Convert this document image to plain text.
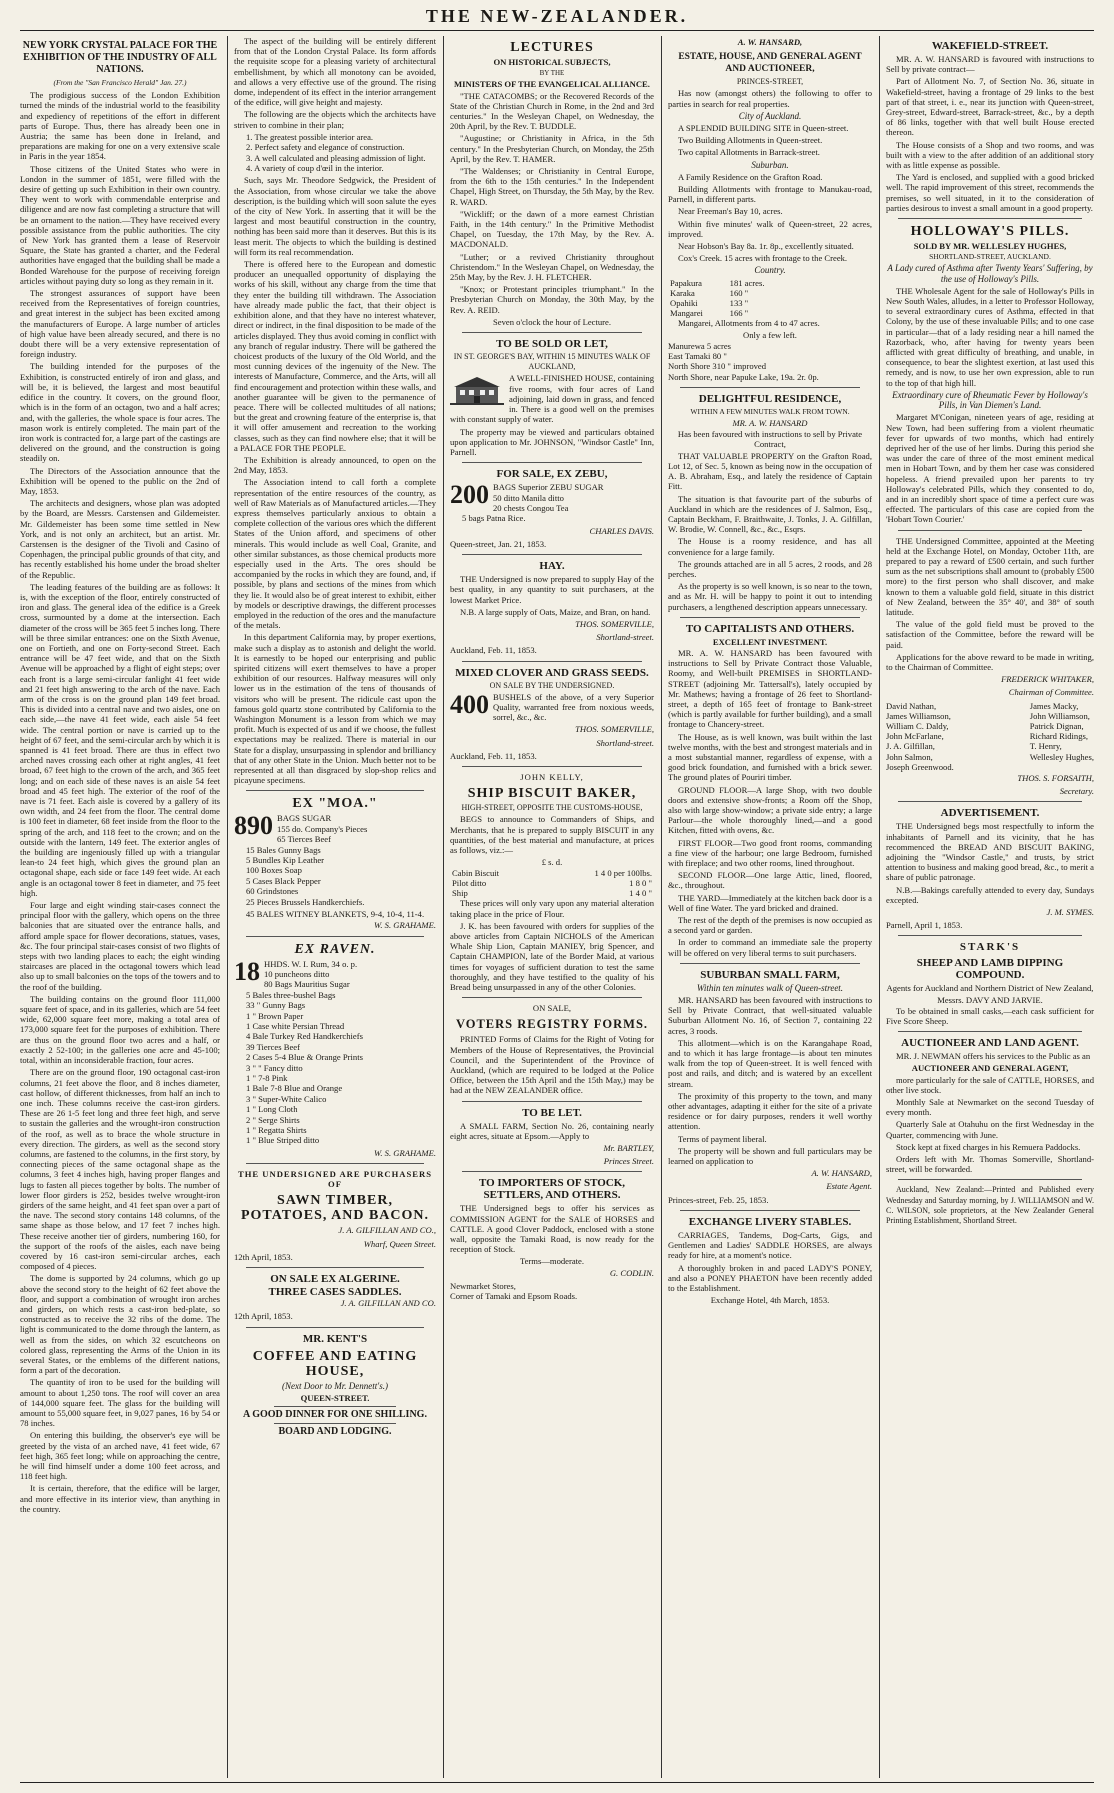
THE NEW-ZEALANDER.
NEW YORK CRYSTAL PALACE FOR THE EXHIBITION OF THE INDUSTRY OF ALL NATIONS.
(From the "San Francisco Herald" Jan. 27.)

The prodigious success of the London Exhibition turned the minds of the industrial world to the feasibility and expediency of repetitions of the effort in different parts of Europe. Thus, there has already been one in Austria; the same has been done in Ireland, and preparations are making for one on a very extensive scale in Paris in the year 1854.

Those citizens of the United States who were in London in the summer of 1851, were filled with the desire of getting up such Exhibition in their own country. They went to work with commendable enterprise and diligence and are now fast completing a structure that will be an ornament to the nation.—They have received every possible assistance from the public authorities. The city of New York has granted them a lease of Reservoir Square, the State has granted a charter, and the Federal authorities have engaged that the building shall be made a Bonded Warehouse for the purpose of receiving foreign articles without paying duty so long as they remain in it.

The strongest assurances of support have been received from the Representatives of foreign countries, and great interest in the subject has been excited among the manufacturers of Europe. A large number of articles of high value have been already secured, and there is no doubt there will be a very extensive representation of foreign industry.

The building intended for the purposes of the Exhibition, is constructed entirely of iron and glass, and will be, it is believed, the largest and most beautiful edifice in the country. It covers, on the ground floor, which is in the form of an octagon, two and a half acres; and, with the galleries, the whole space is four acres. The mason work is entirely completed. The main part of the iron work is contracted for, a large part of the castings are delivered on the ground, and the construction is going steadily on.

The Directors of the Association announce that the Exhibition will be opened to the public on the 2nd of May, 1853.

The architects and designers, whose plan was adopted by the Board, are Messrs. Carstensen and Gildemeister. Mr. Gildemeister has been some time settled in New York, and is not only an architect, but an artist. Mr. Carstensen is the designer of the Tivoli and Casino of Copenhagen, the principal public grounds of that city, and has recently established his home under the broad shelter of the Republic.

The leading features of the building are as follows: It is, with the exception of the floor, entirely constructed of iron and glass. The general idea of the edifice is a Greek cross, surmounted by a dome at the intersection. Each diameter of the cross will be 365 feet 5 inches long. There will be three similar entrances: one on the Sixth Avenue, one on Fortieth, and one on Forty-second Street. Each entrance will be 47 feet wide, and that on the Sixth Avenue will be approached by a flight of eight steps; over each front is a large semi-circular fanlight 41 feet wide and 21 feet high answering to the arch of the nave. Each arm of the cross is on the ground plan 149 feet broad. This is divided into a central nave and two aisles, one on each side,—the nave 41 feet wide, each aisle 54 feet wide. The central portion or nave is carried up to the height of 67 feet, and the semi-circular arch by which it is spanned is 41 feet broad. There are thus in effect two arched naves crossing each other at right angles, 41 feet broad, 67 feet high to the crown of the arch, and 365 feet long; and on each side of these naves is an aisle 54 feet broad and 45 feet high. The exterior of the roof of the nave is 71 feet. Each aisle is covered by a gallery of its own width, and 24 feet from the floor. The central dome is 100 feet in diameter, 68 feet inside from the floor to the spring of the arch, and 118 feet to the crown; and on the outside with the lantern, 149 feet. The exterior angles of the building are ingeniously filled up with a triangular lean-to 24 feet high, which gives the ground plan an octagonal shape, each side or face 149 feet wide. At each angle is an octagonal tower 8 feet in diameter, and 75 feet high.

Four large and eight winding stair-cases connect the principal floor with the gallery, which opens on the three balconies that are situated over the entrance halls, and afford ample space for flower decorations, statues, vases, &c. The four principal stair-cases consist of two flights of steps with two landing places to each; the eight winding staircases are placed in the octagonal towers which lead also up to small balconies on the tops of the towers and to the roof of the building.

The building contains on the ground floor 111,000 square feet of space, and in its galleries, which are 54 feet wide, 62,000 square feet more, making a total area of 173,000 square feet for the purposes of exhibition. There are thus on the ground floor two acres and a half, or exactly 2 52-100; in the galleries one acre and 45-100; total, within an inconsiderable fraction, four acres.

There are on the ground floor, 190 octagonal cast-iron columns, 21 feet above the floor, and 8 inches diameter, cast hollow, of different thicknesses, from half an inch to one inch. These columns receive the cast-iron girders. These are 26 1-5 feet long and three feet high, and serve to sustain the galleries and the wrought-iron construction of the roof, as well as to brace the whole structure in every direction. The girders, as well as the second story columns, are fastened to the columns, in the first story, by connecting pieces of the same octagonal shape as the columns, 3 feet 4 inches high, having proper flanges and lugs to fasten all pieces together by bolts. The number of lower floor girders is 252, besides twelve wrought-iron girders of the same height, and 41 feet span over a part of the nave. The second story contains 148 columns, of the same shape as those below, and 17 feet 7 inches high. These receive another tier of girders, numbering 160, for the support of the roofs of the aisles, each nave being covered by 16 cast-iron semi-circular arches, each composed of 4 pieces.

The dome is supported by 24 columns, which go up above the second story to the height of 62 feet above the floor, and support a combination of wrought iron arches and girders, on which rests a cast-iron bed-plate, so constructed as to receive the 32 ribs of the dome. The light is communicated to the dome through the lantern, as well as from the sides, on which 32 escutcheons on colored glass, representing the Arms of the Union in its several States, or the emblems of the different nations, form a part of the decoration.

The quantity of iron to be used for the building will amount to about 1,250 tons. The roof will cover an area of 144,000 square feet. The glass for the building will amount to 55,000 square feet, in 9,027 panes, 16 by 54 or 78 inches.

On entering this building, the observer's eye will be greeted by the vista of an arched nave, 41 feet wide, 67 feet high, 365 feet long; while on approaching the centre, he will find himself under a dome 100 feet across, and 118 feet high.

It is certain, therefore, that the edifice will be larger, and more effective in its interior view, than anything in the country.

The aspect of the building will be entirely different from that of the London Crystal Palace. Its form affords the requisite scope for a pleasing variety of architectural embellishment, by which all monotony can be avoided, and allows a very effective use of the ground. The rising dome, independent of its effect in the interior arrangement of the edifice, will give height and majesty.

The following are the objects which the architects have striven to combine in their plan;

1. The greatest possible interior area.
2. Perfect safety and elegance of construction.
3. A well calculated and pleasing admission of light.
4. A variety of coup d'œil in the interior.

Such, says Mr. Theodore Sedgwick, the President of the Association, from whose circular we take the above description, is the building which will soon salute the eyes of the city of New York. In asserting that it will be the largest and most beautiful construction in the country, nothing has been said more than it deserves. But this is its least merit. The objects to which the building is destined will form its real recommendation.

There is offered here to the European and domestic producer an unequalled opportunity of displaying the works of his skill, without any charge from the time that they enter the building till withdrawn. The Association have already made public the fact, that their object is exhibition alone, and that they have no interest whatever, direct or indirect, in the final disposition to be made of the articles displayed. They thus avoid coming in conflict with any branch of regular industry. There will be gathered the choicest products of the luxury of the Old World, and the most cunning devices of the ingenuity of the New. The interests of Manufacture, Commerce, and the Arts, will all find encouragement and protection within these walls, and another guarantee will be given to the permanence of peace. There will be collected multitudes of all nations; but the great and crowning feature of the enterprise is, that it will offer amusement and recreation to the working classes, such as they can find nowhere else; that it will be a PALACE FOR THE PEOPLE.

The Exhibition is already announced, to open on the 2nd May, 1853.

The Association intend to call forth a complete representation of the entire resources of the country, as well of Raw Materials as of Manufactured articles.—They express themselves particularly anxious to obtain a complete collection of the various ores which the different States of the Union afford, and specimens of other minerals. This would include as well Coal, Granite, and other similar substances, as those chemical products more especially used in the Arts. The ores should be accompanied by the rocks in which they are found, and, if possible, by plans and sections of the mines from which they lie. It would also be of great interest to exhibit, either by models or descriptive drawings, the different processes employed in the reduction of the ores and the manufacture of the metals.

In this department California may, by proper exertions, make such a display as to astonish and delight the world. It is earnestly to be hoped our enterprising and public spirited citizens will exert themselves to have a proper exhibition of our resources. Halfway measures will only lower us in the estimation of the tens of thousands of visitors who will be present. The ridicule cast upon the famous gold quartz stone contributed by California to the Washington Monument is a lesson from which we may profit. Much is expected of us and if we choose, the fullest expectations may be realized. There is material in our State for a display, unsurpassing in splendor and brilliancy that of any other State in the Union. Much better not to be represented at all than disgraced by slop-shop relics and picayune specimens.

EX "MOA."
890 BAGS SUGAR
155 do. Company's Pieces
65 Tierces Beef
15 Bales Gunny Bags
5 Bundles Kip Leather
100 Boxes Soap
5 Cases Black Pepper
60 Grindstones
25 Pieces Brussels Handkerchiefs.
45 BALES WITNEY BLANKETS, 9-4, 10-4, 11-4.
W. S. GRAHAME.
EX RAVEN.
18 HHDS. W. I. Rum, 34 o. p.
10 puncheons ditto
80 Bags Mauritius Sugar
5 Bales three-bushel Bags
33 " Gunny Bags
1 " Brown Paper
1 Case white Persian Thread
4 Bale Turkey Red Handkerchiefs
39 Tierces Beef
2 Cases 5-4 Blue & Orange Prints
3 " " Fancy ditto
1 " 7-8 Pink
1 Bale 7-8 Blue and Orange
3 " Super-White Calico
1 " Long Cloth
2 " Serge Shirts
1 " Regatta Shirts
1 " Blue Striped ditto
W. S. GRAHAME.
THE UNDERSIGNED ARE PURCHASERS OF
SAWN TIMBER, POTATOES, AND BACON.
J. A. GILFILLAN AND CO.,
Wharf, Queen Street.
12th April, 1853.
ON SALE EX ALGERINE.
THREE CASES SADDLES.
J. A. GILFILLAN AND CO.
12th April, 1853.
MR. KENT'S
COFFEE AND EATING HOUSE,
(Next Door to Mr. Dennett's.)
QUEEN-STREET.
A GOOD DINNER FOR ONE SHILLING.
BOARD AND LODGING.
LECTURES
ON HISTORICAL SUBJECTS,
BY THE
MINISTERS OF THE EVANGELICAL ALLIANCE.

"THE CATACOMBS; or the Recovered Records of the State of the Christian Church in Rome, in the 2nd and 3rd centuries." In the Wesleyan Chapel, on Wednesday, the 20th April, by the Rev. T. BUDDLE.

"Augustine; or Christianity in Africa, in the 5th century." In the Presbyterian Church, on Monday, the 25th April, by the Rev. T. HAMER.

"The Waldenses; or Christianity in Central Europe, from the 6th to the 15th centuries." In the Independent Chapel, High Street, on Thursday, the 5th May, by the Rev. R. WARD.

"Wickliff; or the dawn of a more earnest Christian Faith, in the 14th century." In the Primitive Methodist Chapel, on Tuesday, the 17th May, by the Rev. A. MACDONALD.

"Luther; or a revived Christianity throughout Christendom." In the Wesleyan Chapel, on Wednesday, the 25th May, by the Rev. J. H. FLETCHER.

"Knox; or Protestant principles triumphant." In the Presbyterian Church on Monday, the 30th May, by the Rev. A. REID.

Seven o'clock the hour of Lecture.
TO BE SOLD OR LET,
IN ST. GEORGE'S BAY, WITHIN 15 MINUTES WALK OF AUCKLAND,

A WELL-FINISHED HOUSE, containing five rooms, with four acres of Land adjoining, laid down in grass, and fenced in. There is a good well on the premises with constant supply of water.

The property may be viewed and particulars obtained upon application to Mr. JOHNSON, "Windsor Castle" Inn, Parnell.

FOR SALE, EX ZEBU,
200 BAGS Superior ZEBU SUGAR
50 ditto Manila ditto
20 chests Congou Tea
5 bags Patna Rice.
CHARLES DAVIS.
Queen-street, Jan. 21, 1853.
HAY.

THE Undersigned is now prepared to supply Hay of the best quality, in any quantity to suit purchasers, at the lowest Market Price.

N.B. A large supply of Oats, Maize, and Bran, on hand.

THOS. SOMERVILLE,
Shortland-street.
Auckland, Feb. 11, 1853.
MIXED CLOVER AND GRASS SEEDS.
ON SALE BY THE UNDERSIGNED.
400 BUSHELS of the above, of a very Superior Quality, warranted free from noxious weeds, sorrel, &c., &c.

THOS. SOMERVILLE,
Shortland-street.
Auckland, Feb. 11, 1853.
JOHN KELLY,
SHIP BISCUIT BAKER,
HIGH-STREET, OPPOSITE THE CUSTOMS-HOUSE,

BEGS to announce to Commanders of Ships, and Merchants, that he is prepared to supply BISCUIT in any quantities, of the best material and manufacture, at prices as follows, viz.:—

£ s. d.
Cabin Biscuit	1 4 0 per 100lbs.
Pilot ditto	1 8 0 "
Ship	1 4 0 "

These prices will only vary upon any material alteration taking place in the price of Flour.

J. K. has been favoured with orders for supplies of the above articles from Captain NICHOLS of the American Whale Ship Lion, Captain MANIEY, brig Spencer, and Captain CHAMPION, late of the Border Maid, at various times for voyages of sufficient duration to test the same thoroughly, and they have testified to the quality of his Bread being unsurpassed in any of the other Colonies.

ON SALE,
VOTERS REGISTRY FORMS.

PRINTED Forms of Claims for the Right of Voting for Members of the House of Representatives, the Provincial Council, and the Superintendent of the Province of Auckland, (which are required to be lodged at the Police Office, between the 15th April and the 15th May,) may be had at the NEW ZEALANDER office.

TO BE LET.

A SMALL FARM, Section No. 26, containing nearly eight acres, situate at Epsom.—Apply to

Mr. BARTLEY,
Princes Street.
TO IMPORTERS OF STOCK, SETTLERS, AND OTHERS.

THE Undersigned begs to offer his services as COMMISSION AGENT for the SALE of HORSES and CATTLE. A good Clover Paddock, enclosed with a stone wall, opposite the Tamaki Road, is now ready for the reception of Stock.

Terms—moderate.
G. CODLIN.
Newmarket Stores,
Corner of Tamaki and Epsom Roads.
A. W. HANSARD,
ESTATE, HOUSE, AND GENERAL AGENT AND AUCTIONEER,
PRINCES-STREET,

Has now (amongst others) the following to offer to parties in search for real properties.

City of Auckland.

A SPLENDID BUILDING SITE in Queen-street.

Two Building Allotments in Queen-street.

Two capital Allotments in Barrack-street.

Suburban.

A Family Residence on the Grafton Road.

Building Allotments with frontage to Manukau-road, Parnell, in different parts.

Near Freeman's Bay 10, acres.

Within five minutes' walk of Queen-street, 22 acres, improved.

Near Hobson's Bay 8a. 1r. 8p., excellently situated.

Cox's Creek. 15 acres with frontage to the Creek.

Country.
Papakura	181 acres.
Karaka	160 "
Opahiki	133 "
Mangarei	166 "

Mangarei, Allotments from 4 to 47 acres.

Only a few left.
Manurewa 5 acres
East Tamaki 80 "
North Shore 310 " improved
North Shore, near Papuke Lake, 19a. 2r. 0p.
DELIGHTFUL RESIDENCE,
WITHIN A FEW MINUTES WALK FROM TOWN.
MR. A. W. HANSARD
Has been favoured with instructions to sell by Private Contract,

THAT VALUABLE PROPERTY on the Grafton Road, Lot 12, of Sec. 5, known as being now in the occupation of A. B. Abraham, Esq., and lately the residence of Captain Fitt.

The situation is that favourite part of the suburbs of Auckland in which are the residences of J. Salmon, Esq., Captain Beckham, F. Braithwaite, J. Tonks, J. A. Gilfillan, W. Brodie, W. Connell, &c., &c., Esqrs.

The House is a roomy residence, and has all convenience for a large family.

The grounds attached are in all 5 acres, 2 roods, and 28 perches.

As the property is so well known, is so near to the town, and as Mr. H. will be happy to point it out to intending purchasers, a lengthened description appears unnecessary.

TO CAPITALISTS AND OTHERS.
EXCELLENT INVESTMENT.

MR. A. W. HANSARD has been favoured with instructions to Sell by Private Contract those Valuable, Roomy, and Well-built PREMISES in SHORTLAND-STREET (adjoining Mr. Tattersall's), lately occupied by Mr. Mathews; having a frontage of 26 feet to Shortland-street, a depth of 165 feet of frontage to Bank-street (which is partly available for further building), and a small frontage to Chancery-street.

The House, as is well known, was built within the last twelve months, with the best and strongest materials and in a most substantial manner, regardless of expense, with a good brick foundation, and furnished with a brick sewer. The ground plates of Pouriri timber.

GROUND FLOOR—A large Shop, with two double doors and extensive show-fronts; a Room off the Shop, also with large show-window; a private side entry; a large Parlour—the whole thoroughly lined,—and a good Kitchen, fitted with ovens, &c.

FIRST FLOOR—Two good front rooms, commanding a fine view of the harbour; one large Bedroom, furnished with fireplace; and two other rooms, lined throughout.

SECOND FLOOR—One large Attic, lined, floored, &c., throughout.

THE YARD—Immediately at the kitchen back door is a Well of fine Water. The yard bricked and drained.

The rest of the depth of the premises is now occupied as a second yard or garden.

In order to command an immediate sale the property will be offered on very liberal terms to suit purchasers.

SUBURBAN SMALL FARM,
Within ten minutes walk of Queen-street.

MR. HANSARD has been favoured with instructions to Sell by Private Contract, that well-situated valuable Suburban Allotment No. 16, of Section 7, containing 22 acres, 3 roods.

This allotment—which is on the Karangahape Road, and to which it has large frontage—is about ten minutes walk from the top of Queen-street. It is well fenced with post and rails, and ditch; and is watered by an excellent stream.

The proximity of this property to the town, and many other advantages, adapting it either for the site of a private residence or for dairy purposes, renders it well worthy attention.

Terms of payment liberal.

The property will be shown and full particulars may be learned on application to

A. W. HANSARD,
Estate Agent.
Princes-street, Feb. 25, 1853.
EXCHANGE LIVERY STABLES.

CARRIAGES, Tandems, Dog-Carts, Gigs, and Gentlemen and Ladies' SADDLE HORSES, are always ready for hire, at a moment's notice.

A thoroughly broken in and paced LADY'S PONEY, and also a PONEY PHAETON have been recently added to the Establishment.

Exchange Hotel, 4th March, 1853.
WAKEFIELD-STREET.

MR. A. W. HANSARD is favoured with instructions to Sell by private contract—

Part of Allotment No. 7, of Section No. 36, situate in Wakefield-street, having a frontage of 29 links to the best part of that street, i. e., near its junction with Queen-street, Grey-street, Edward-street, Barrack-street, &c., by a depth of 86 links, together with that well built House erected thereon.

The House consists of a Shop and two rooms, and was built with a view to the after addition of an additional story with as little expense as possible.

The Yard is enclosed, and supplied with a good bricked well. The rapid improvement of this street, recommends the premises, so well situated, in it to the consideration of parties desirous to invest a small amount in a good property.

HOLLOWAY'S PILLS.
SOLD BY MR. WELLESLEY HUGHES,
SHORTLAND-STREET, AUCKLAND.
A Lady cured of Asthma after Twenty Years' Suffering, by the use of Holloway's Pills.

THE Wholesale Agent for the sale of Holloway's Pills in New South Wales, alludes, in a letter to Professor Holloway, to several extraordinary cures of Asthma, effected in that Colony, by the use of these invaluable Pills; and to one case in particular—that of a lady residing near a hill named the Razorback, who, after having for twenty years been afflicted with great difficulty of breathing, and unable, in consequence, to bear the slightest exertion, at last used this remedy, and is now, to use her own expression, able to run to the top of that high hill.

Extraordinary cure of Rheumatic Fever by Holloway's Pills, in Van Diemen's Land.

Margaret M'Conigan, nineteen years of age, residing at New Town, had been suffering from a violent rheumatic fever for upwards of two months, which had entirely deprived her of the use of her limbs. During this period she was under the care of three of the most eminent medical men in Hobart Town, and by them her case was considered hopeless. A friend prevailed upon her parents to try Holloway's celebrated Pills, which they consented to do, and in an incredibly short space of time a perfect cure was effected. The particulars of this case are copied from the 'Hobart Town Courier.'

THE Undersigned Committee, appointed at the Meeting held at the Exchange Hotel, on Monday, October 11th, are prepared to pay a reward of £500 certain, and such further sum as the net subscriptions shall amount to (probably £500 more) to the first person who shall discover, and make known to them a valuable gold field, situate in this district of New Zealand, between the 35° 40', and 38° of south latitude.

The value of the gold field must be proved to the satisfaction of the Committee, before the reward will be paid.

Applications for the above reward to be made in writing, to the Chairman of Committee.

FREDERICK WHITAKER,
Chairman of Committee.
David Nathan,
James Williamson,
William C. Daldy,
John McFarlane,
J. A. Gilfillan,
John Salmon,
Joseph Greenwood.
James Macky,
John Williamson,
Patrick Dignan,
Richard Ridings,
T. Henry,
Wellesley Hughes,
THOS. S. FORSAITH,
Secretary.
ADVERTISEMENT.

THE Undersigned begs most respectfully to inform the inhabitants of Parnell and its vicinity, that he has recommenced the BREAD AND BISCUIT BAKING, adjoining the "Windsor Castle," and trusts, by strict attention to business and making good bread, &c., to merit a share of public patronage.

N.B.—Bakings carefully attended to every day, Sundays excepted.

J. M. SYMES.
Parnell, April 1, 1853.
STARK'S
SHEEP AND LAMB DIPPING COMPOUND.
Agents for Auckland and Northern District of New Zealand,
Messrs. DAVY AND JARVIE.

To be obtained in small casks,—each cask sufficient for Five Score Sheep.

AUCTIONEER AND LAND AGENT.

MR. J. NEWMAN offers his services to the Public as an

AUCTIONEER AND GENERAL AGENT,

more particularly for the sale of CATTLE, HORSES, and other live stock.

Monthly Sale at Newmarket on the second Tuesday of every month.

Quarterly Sale at Otahuhu on the first Wednesday in the Quarter, commencing with June.

Stock kept at fixed charges in his Remuera Paddocks.

Orders left with Mr. Thomas Somerville, Shortland-street, will be forwarded.

Auckland, New Zealand:—Printed and Published every Wednesday and Saturday morning, by J. WILLIAMSON and W. C. WILSON, sole proprietors, at the New Zealander General Printing Establishment, Shortland Street.
